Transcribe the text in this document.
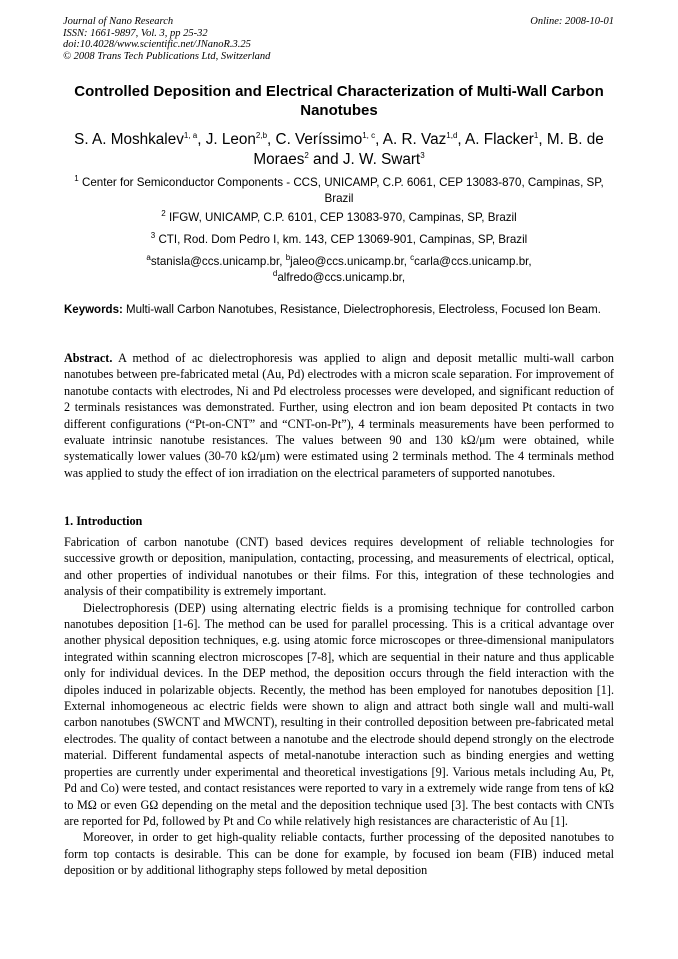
Journal of Nano Research
ISSN: 1661-9897, Vol. 3, pp 25-32
doi:10.4028/www.scientific.net/JNanoR.3.25
© 2008 Trans Tech Publications Ltd, Switzerland
Online: 2008-10-01
Controlled Deposition and Electrical Characterization of Multi-Wall Carbon Nanotubes
S. A. Moshkalev$^{1, a}$, J. Leon$^{2,b}$, C. Veríssimo$^{1, c}$, A. R. Vaz$^{1,d}$, A. Flacker$^1$, M. B. de Moraes$^2$ and J. W. Swart$^3$
$^1$ Center for Semiconductor Components - CCS, UNICAMP, C.P. 6061, CEP 13083-870, Campinas, SP, Brazil
$^2$ IFGW, UNICAMP, C.P. 6101, CEP 13083-970, Campinas, SP, Brazil
$^3$ CTI, Rod. Dom Pedro I, km. 143, CEP 13069-901, Campinas, SP, Brazil
$^a$stanisla@ccs.unicamp.br, $^b$jaleo@ccs.unicamp.br, $^c$carla@ccs.unicamp.br,
$^d$alfredo@ccs.unicamp.br,
Keywords: Multi-wall Carbon Nanotubes, Resistance, Dielectrophoresis, Electroless, Focused Ion Beam.
Abstract. A method of ac dielectrophoresis was applied to align and deposit metallic multi-wall carbon nanotubes between pre-fabricated metal (Au, Pd) electrodes with a micron scale separation. For improvement of nanotube contacts with electrodes, Ni and Pd electroless processes were developed, and significant reduction of 2 terminals resistances was demonstrated. Further, using electron and ion beam deposited Pt contacts in two different configurations (“Pt-on-CNT” and “CNT-on-Pt”), 4 terminals measurements have been performed to evaluate intrinsic nanotube resistances. The values between 90 and 130 kΩ/μm were obtained, while systematically lower values (30-70 kΩ/μm) were estimated using 2 terminals method. The 4 terminals method was applied to study the effect of ion irradiation on the electrical parameters of supported nanotubes.
1. Introduction

Fabrication of carbon nanotube (CNT) based devices requires development of reliable technologies for successive growth or deposition, manipulation, contacting, processing, and measurements of electrical, optical, and other properties of individual nanotubes or their films. For this, integration of these technologies and analysis of their compatibility is extremely important.

Dielectrophoresis (DEP) using alternating electric fields is a promising technique for controlled carbon nanotubes deposition [1-6]. The method can be used for parallel processing. This is a critical advantage over another physical deposition techniques, e.g. using atomic force microscopes or three-dimensional manipulators integrated within scanning electron microscopes [7-8], which are sequential in their nature and thus applicable only for individual devices. In the DEP method, the deposition occurs through the field interaction with the dipoles induced in polarizable objects. Recently, the method has been employed for nanotubes deposition [1]. External inhomogeneous ac electric fields were shown to align and attract both single wall and multi-wall carbon nanotubes (SWCNT and MWCNT), resulting in their controlled deposition between pre-fabricated metal electrodes. The quality of contact between a nanotube and the electrode should depend strongly on the electrode material. Different fundamental aspects of metal-nanotube interaction such as binding energies and wetting properties are currently under experimental and theoretical investigations [9]. Various metals including Au, Pt, Pd and Co) were tested, and contact resistances were reported to vary in a extremely wide range from tens of kΩ to MΩ or even GΩ depending on the metal and the deposition technique used [3]. The best contacts with CNTs are reported for Pd, followed by Pt and Co while relatively high resistances are characteristic of Au [1].

Moreover, in order to get high-quality reliable contacts, further processing of the deposited nanotubes to form top contacts is desirable. This can be done for example, by focused ion beam (FIB) induced metal deposition or by additional lithography steps followed by metal deposition
